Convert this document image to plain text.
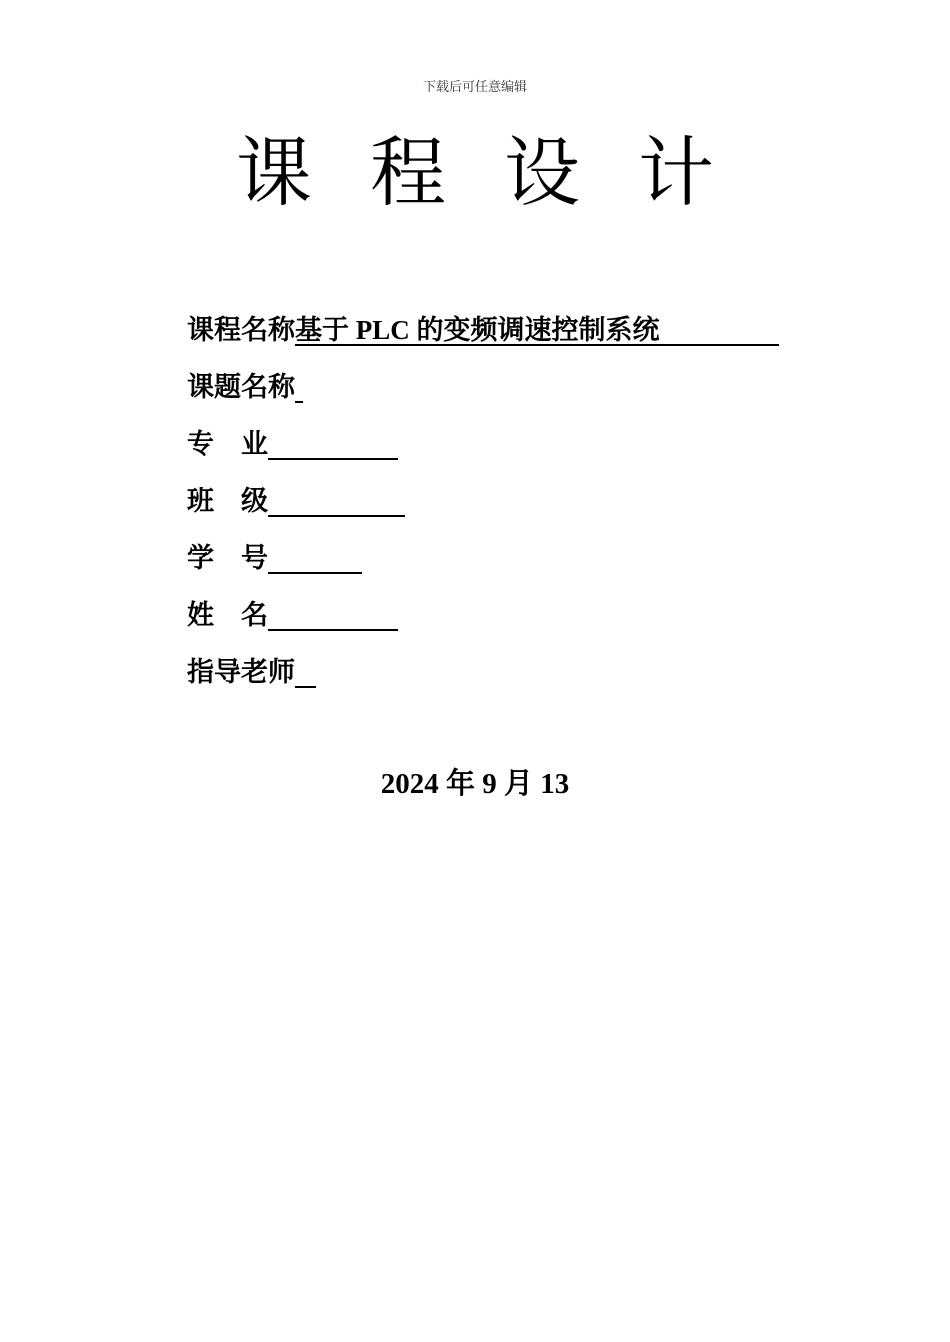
下载后可任意编辑
课程设计
课程名称基于 PLC 的变频调速控制系统
课题名称
专　业
班　级
学　号
姓　名
指导老师
2024 年 9 月 13
